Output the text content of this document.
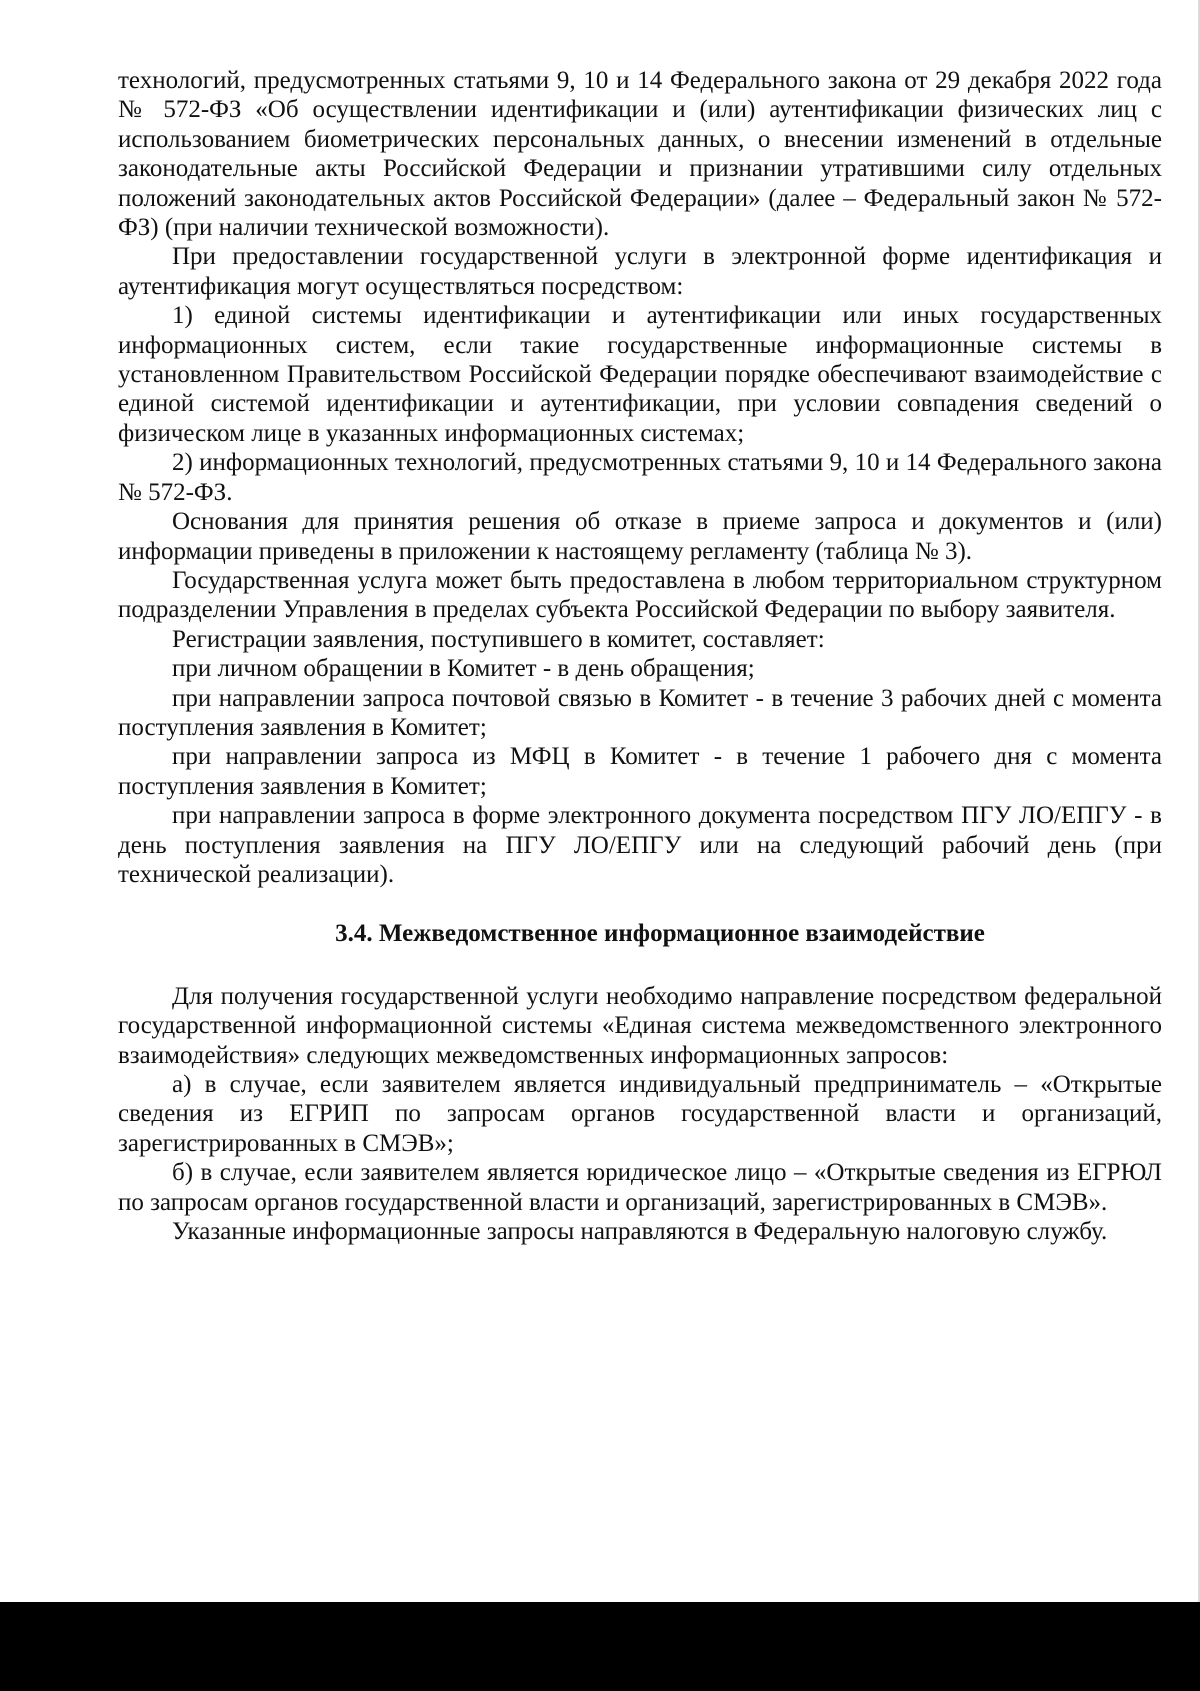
технологий, предусмотренных статьями 9, 10 и 14 Федерального закона от 29 декабря 2022 года № 572-ФЗ «Об осуществлении идентификации и (или) аутентификации физических лиц с использованием биометрических персональных данных, о внесении изменений в отдельные законодательные акты Российской Федерации и признании утратившими силу отдельных положений законодательных актов Российской Федерации» (далее – Федеральный закон № 572-ФЗ) (при наличии технической возможности).

При предоставлении государственной услуги в электронной форме идентификация и аутентификация могут осуществляться посредством:

1) единой системы идентификации и аутентификации или иных государственных информационных систем, если такие государственные информационные системы в установленном Правительством Российской Федерации порядке обеспечивают взаимодействие с единой системой идентификации и аутентификации, при условии совпадения сведений о физическом лице в указанных информационных системах;

2) информационных технологий, предусмотренных статьями 9, 10 и 14 Федерального закона № 572-ФЗ.

Основания для принятия решения об отказе в приеме запроса и документов и (или) информации приведены в приложении к настоящему регламенту (таблица № 3).

Государственная услуга может быть предоставлена в любом территориальном структурном подразделении Управления в пределах субъекта Российской Федерации по выбору заявителя.

Регистрации заявления, поступившего в комитет, составляет:

при личном обращении в Комитет - в день обращения;

при направлении запроса почтовой связью в Комитет - в течение 3 рабочих дней с момента поступления заявления в Комитет;

при направлении запроса из МФЦ в Комитет - в течение 1 рабочего дня с момента поступления заявления в Комитет;

при направлении запроса в форме электронного документа посредством ПГУ ЛО/ЕПГУ - в день поступления заявления на ПГУ ЛО/ЕПГУ или на следующий рабочий день (при технической реализации).

3.4. Межведомственное информационное взаимодействие

Для получения государственной услуги необходимо направление посредством федеральной государственной информационной системы «Единая система межведомственного электронного взаимодействия» следующих межведомственных информационных запросов:

а) в случае, если заявителем является индивидуальный предприниматель – «Открытые сведения из ЕГРИП по запросам органов государственной власти и организаций, зарегистрированных в СМЭВ»;

б) в случае, если заявителем является юридическое лицо – «Открытые сведения из ЕГРЮЛ по запросам органов государственной власти и организаций, зарегистрированных в СМЭВ».

Указанные информационные запросы направляются в Федеральную налоговую службу.
